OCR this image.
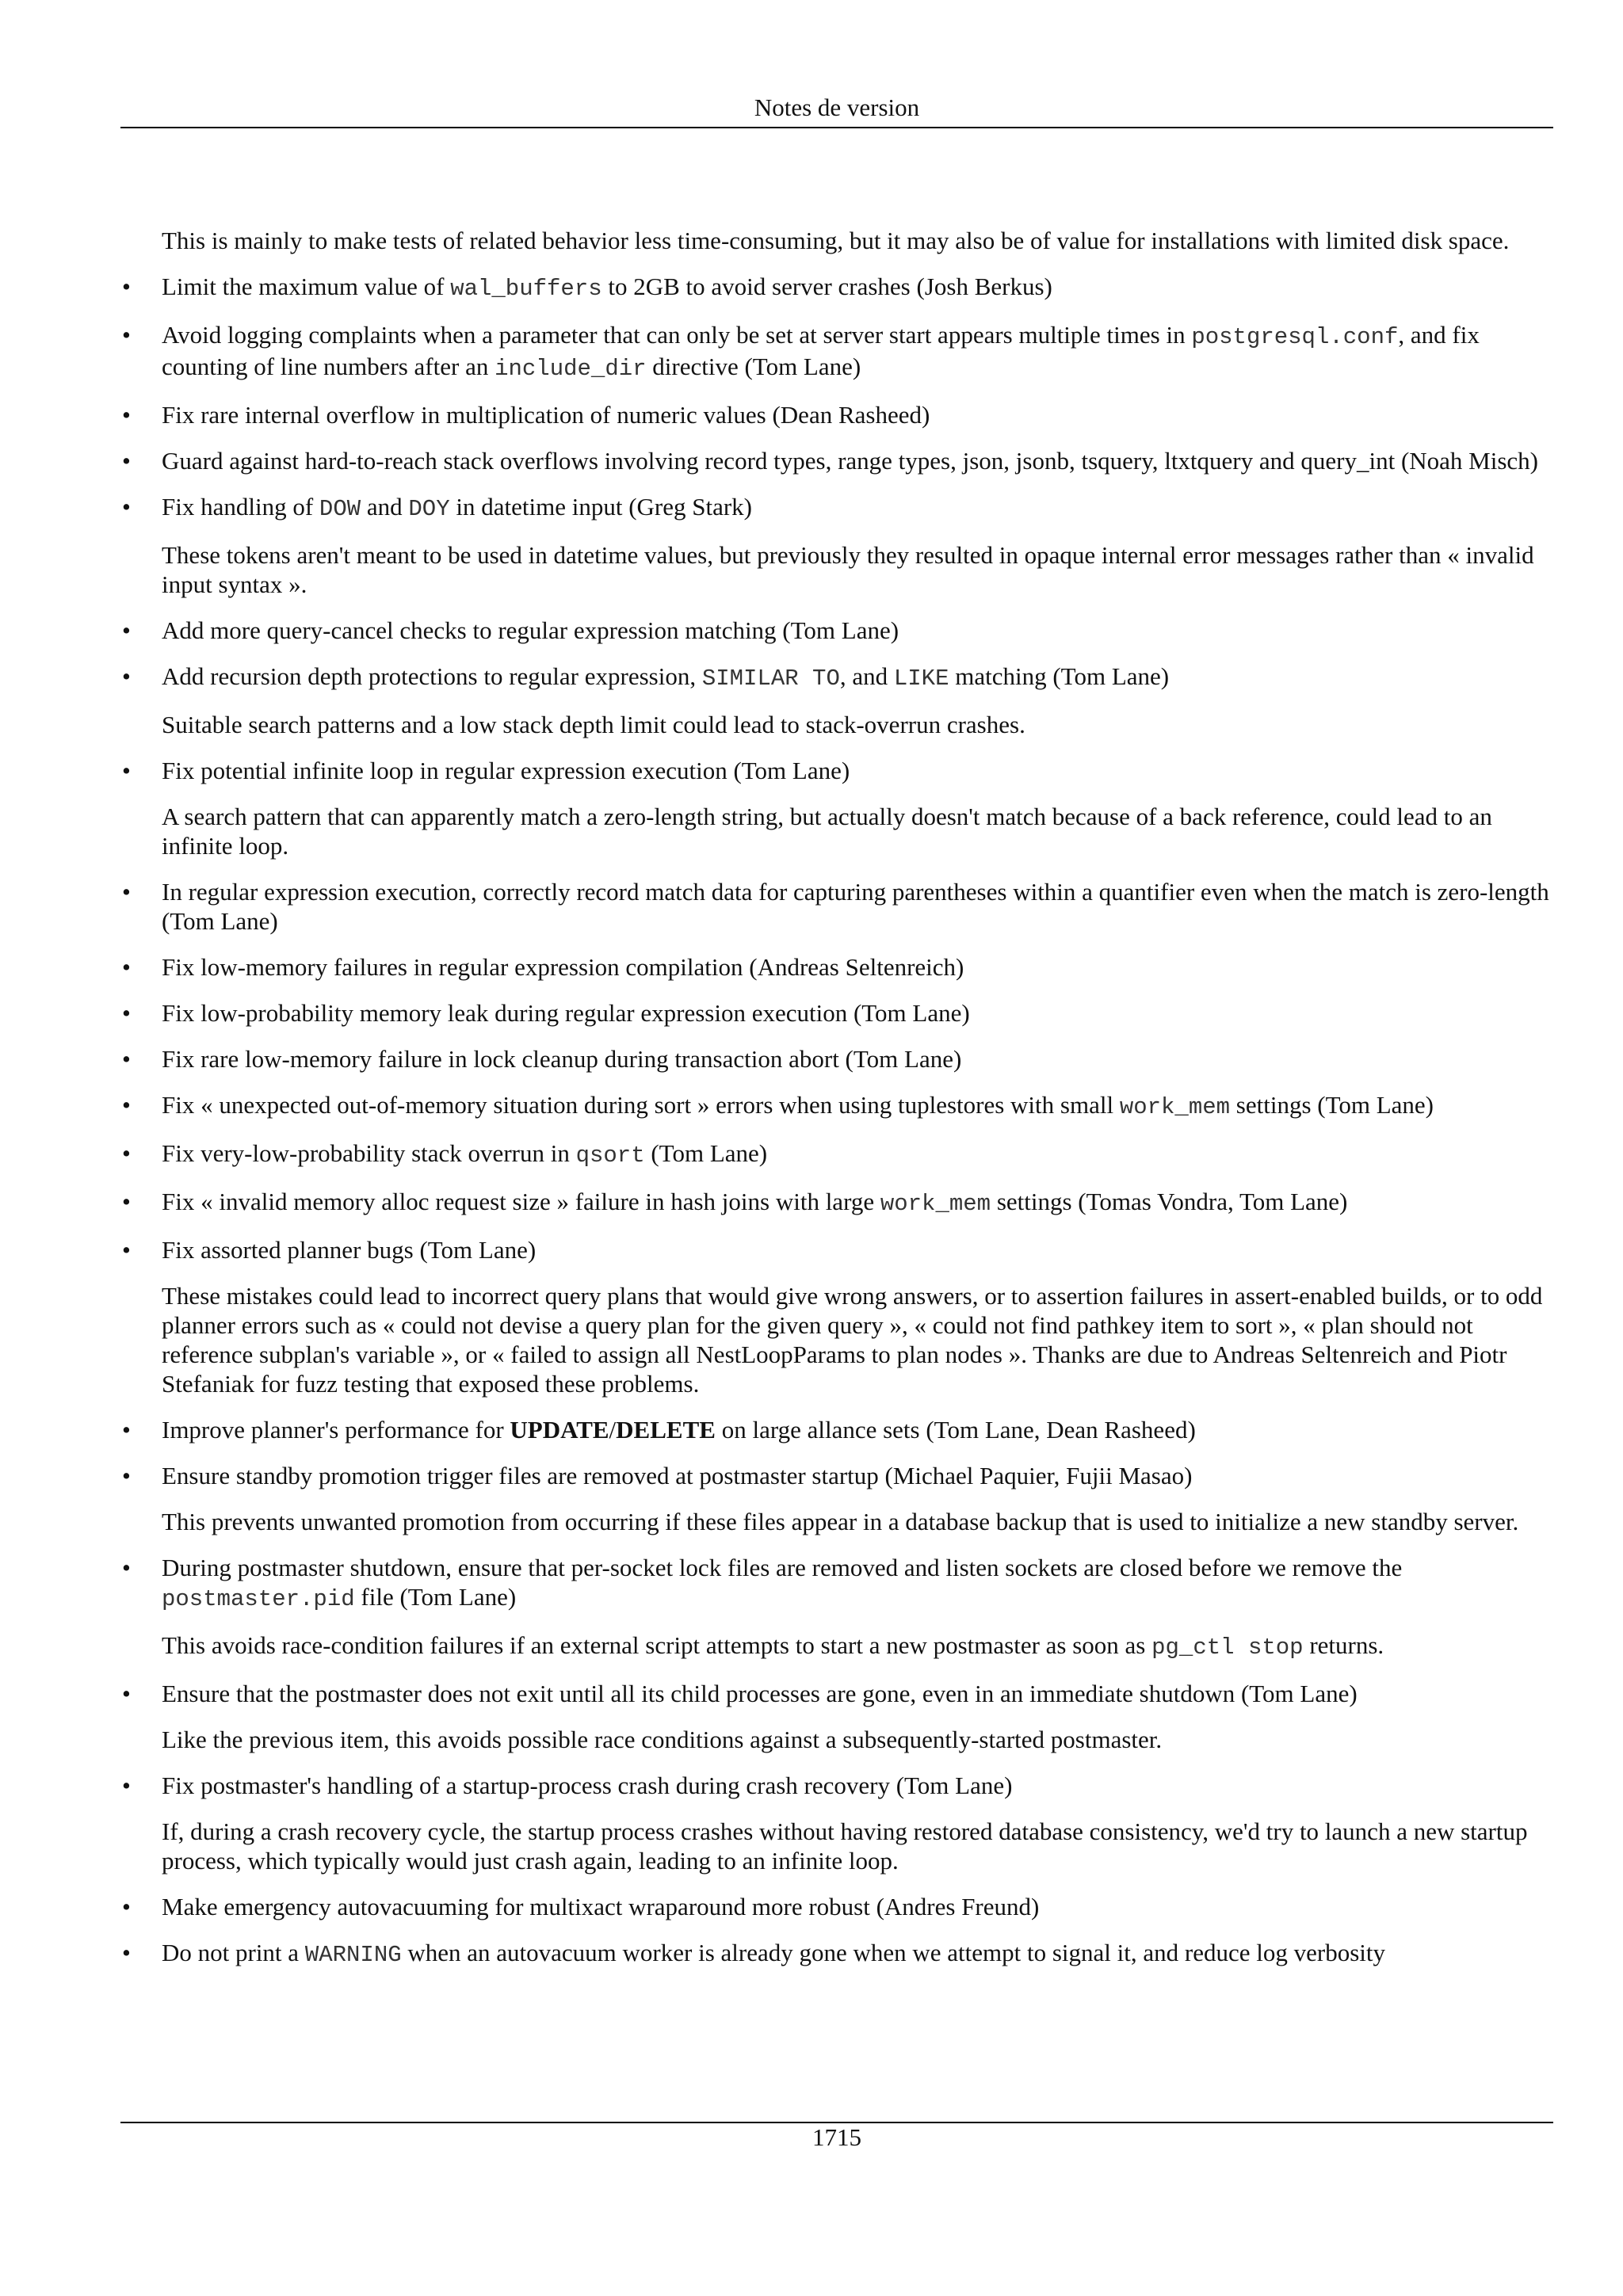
Notes de version
This is mainly to make tests of related behavior less time-consuming, but it may also be of value for installations with limited disk space.
• Limit the maximum value of wal_buffers to 2GB to avoid server crashes (Josh Berkus)
• Avoid logging complaints when a parameter that can only be set at server start appears multiple times in postgresql.conf, and fix counting of line numbers after an include_dir directive (Tom Lane)
• Fix rare internal overflow in multiplication of numeric values (Dean Rasheed)
• Guard against hard-to-reach stack overflows involving record types, range types, json, jsonb, tsquery, ltxtquery and query_int (Noah Misch)
• Fix handling of DOW and DOY in datetime input (Greg Stark)
These tokens aren't meant to be used in datetime values, but previously they resulted in opaque internal error messages rather than « invalid input syntax ».
• Add more query-cancel checks to regular expression matching (Tom Lane)
• Add recursion depth protections to regular expression, SIMILAR TO, and LIKE matching (Tom Lane)
Suitable search patterns and a low stack depth limit could lead to stack-overrun crashes.
• Fix potential infinite loop in regular expression execution (Tom Lane)
A search pattern that can apparently match a zero-length string, but actually doesn't match because of a back reference, could lead to an infinite loop.
• In regular expression execution, correctly record match data for capturing parentheses within a quantifier even when the match is zero-length (Tom Lane)
• Fix low-memory failures in regular expression compilation (Andreas Seltenreich)
• Fix low-probability memory leak during regular expression execution (Tom Lane)
• Fix rare low-memory failure in lock cleanup during transaction abort (Tom Lane)
• Fix « unexpected out-of-memory situation during sort » errors when using tuplestores with small work_mem settings (Tom Lane)
• Fix very-low-probability stack overrun in qsort (Tom Lane)
• Fix « invalid memory alloc request size » failure in hash joins with large work_mem settings (Tomas Vondra, Tom Lane)
• Fix assorted planner bugs (Tom Lane)
These mistakes could lead to incorrect query plans that would give wrong answers, or to assertion failures in assert-enabled builds, or to odd planner errors such as « could not devise a query plan for the given query », « could not find pathkey item to sort », « plan should not reference subplan's variable », or « failed to assign all NestLoopParams to plan nodes ». Thanks are due to Andreas Seltenreich and Piotr Stefaniak for fuzz testing that exposed these problems.
• Improve planner's performance for UPDATE/DELETE on large allance sets (Tom Lane, Dean Rasheed)
• Ensure standby promotion trigger files are removed at postmaster startup (Michael Paquier, Fujii Masao)
This prevents unwanted promotion from occurring if these files appear in a database backup that is used to initialize a new standby server.
• During postmaster shutdown, ensure that per-socket lock files are removed and listen sockets are closed before we remove the postmaster.pid file (Tom Lane)
This avoids race-condition failures if an external script attempts to start a new postmaster as soon as pg_ctl stop returns.
• Ensure that the postmaster does not exit until all its child processes are gone, even in an immediate shutdown (Tom Lane)
Like the previous item, this avoids possible race conditions against a subsequently-started postmaster.
• Fix postmaster's handling of a startup-process crash during crash recovery (Tom Lane)
If, during a crash recovery cycle, the startup process crashes without having restored database consistency, we'd try to launch a new startup process, which typically would just crash again, leading to an infinite loop.
• Make emergency autovacuuming for multixact wraparound more robust (Andres Freund)
• Do not print a WARNING when an autovacuum worker is already gone when we attempt to signal it, and reduce log verbosity
1715
